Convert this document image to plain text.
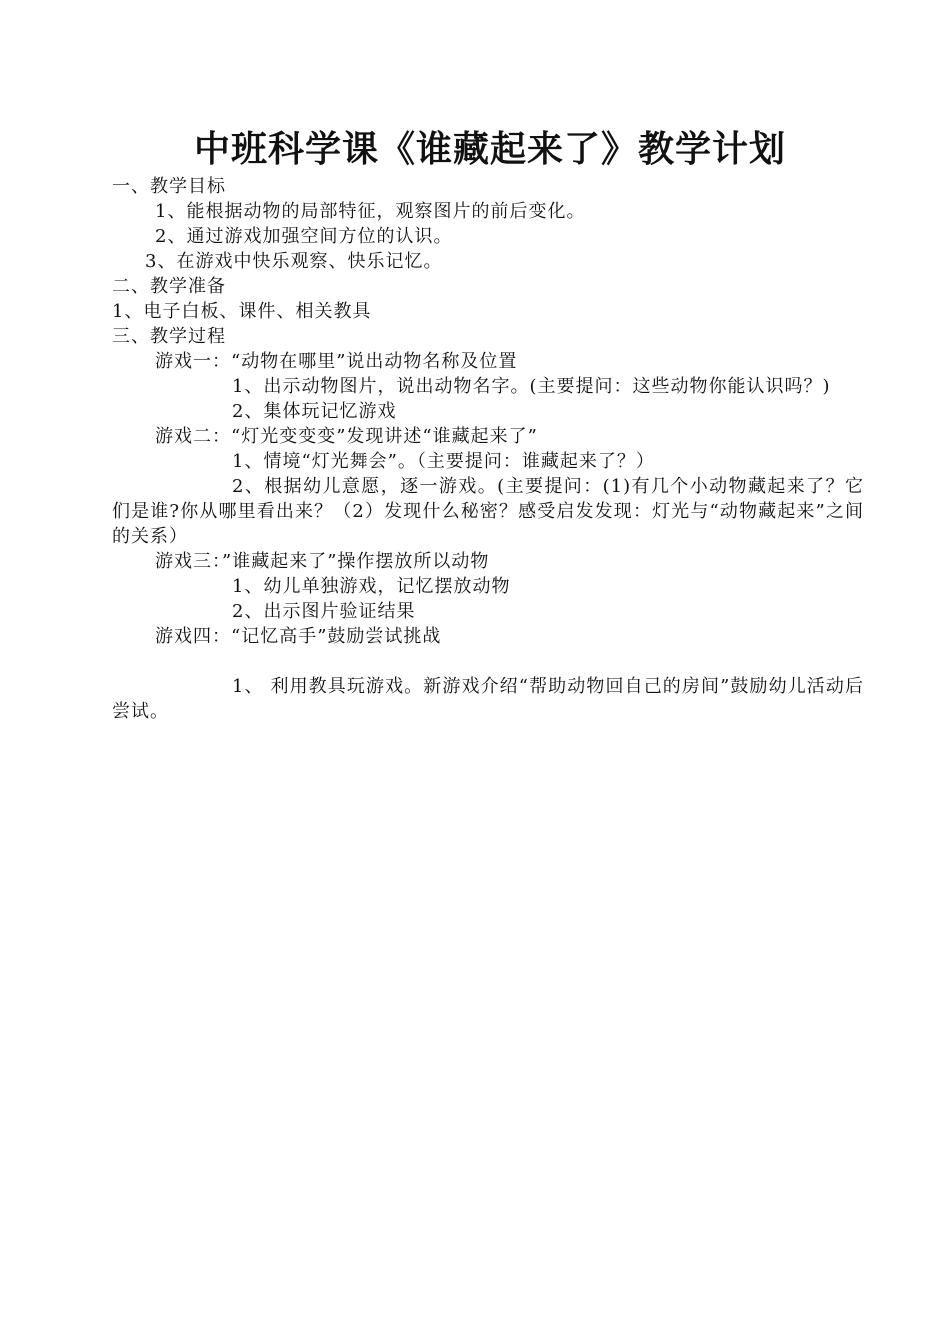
中班科学课《谁藏起来了》教学计划

一、教学目标

1、能根据动物的局部特征，观察图片的前后变化。

2、通过游戏加强空间方位的认识。

3、在游戏中快乐观察、快乐记忆。

二、教学准备

1、电子白板、课件、相关教具

三、教学过程

游戏一：“动物在哪里”说出动物名称及位置

1、出示动物图片，说出动物名字。(主要提问：这些动物你能认识吗？)

2、集体玩记忆游戏

游戏二：“灯光变变变”发现讲述“谁藏起来了”

1、情境“灯光舞会”。（主要提问：谁藏起来了？）

2、根据幼儿意愿，逐一游戏。(主要提问：(1)有几个小动物藏起来了？它们是谁?你从哪里看出来？（2）发现什么秘密？感受启发发现：灯光与“动物藏起来”之间的关系）

游戏三：”谁藏起来了”操作摆放所以动物

1、幼儿单独游戏，记忆摆放动物

2、出示图片验证结果

游戏四：“记忆高手”鼓励尝试挑战

1、 利用教具玩游戏。新游戏介绍“帮助动物回自己的房间”鼓励幼儿活动后尝试。
